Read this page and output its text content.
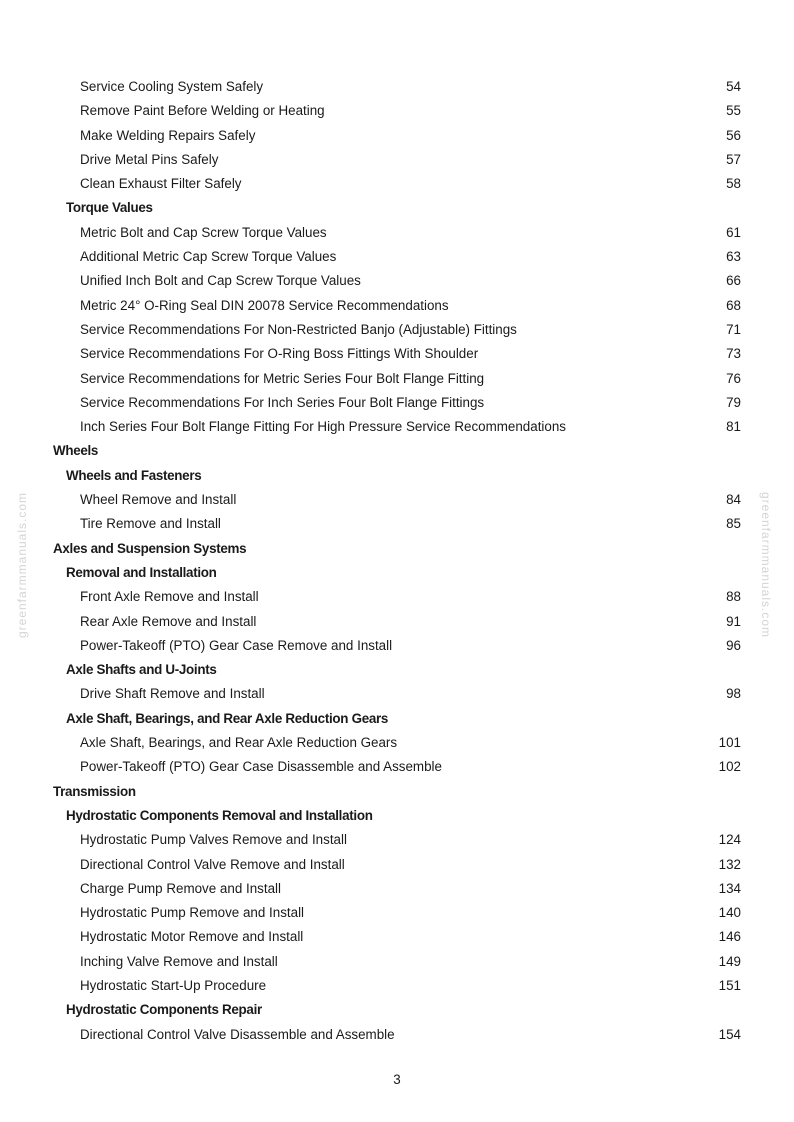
Service Cooling System Safely	54
Remove Paint Before Welding or Heating	55
Make Welding Repairs Safely	56
Drive Metal Pins Safely	57
Clean Exhaust Filter Safely	58
Torque Values
Metric Bolt and Cap Screw Torque Values	61
Additional Metric Cap Screw Torque Values	63
Unified Inch Bolt and Cap Screw Torque Values	66
Metric 24° O-Ring Seal DIN 20078 Service Recommendations	68
Service Recommendations For Non-Restricted Banjo (Adjustable) Fittings	71
Service Recommendations For O-Ring Boss Fittings With Shoulder	73
Service Recommendations for Metric Series Four Bolt Flange Fitting	76
Service Recommendations For Inch Series Four Bolt Flange Fittings	79
Inch Series Four Bolt Flange Fitting For High Pressure Service Recommendations	81
Wheels
Wheels and Fasteners
Wheel Remove and Install	84
Tire Remove and Install	85
Axles and Suspension Systems
Removal and Installation
Front Axle Remove and Install	88
Rear Axle Remove and Install	91
Power-Takeoff (PTO) Gear Case Remove and Install	96
Axle Shafts and U-Joints
Drive Shaft Remove and Install	98
Axle Shaft, Bearings, and Rear Axle Reduction Gears
Axle Shaft, Bearings, and Rear Axle Reduction Gears	101
Power-Takeoff (PTO) Gear Case Disassemble and Assemble	102
Transmission
Hydrostatic Components Removal and Installation
Hydrostatic Pump Valves Remove and Install	124
Directional Control Valve Remove and Install	132
Charge Pump Remove and Install	134
Hydrostatic Pump Remove and Install	140
Hydrostatic Motor Remove and Install	146
Inching Valve Remove and Install	149
Hydrostatic Start-Up Procedure	151
Hydrostatic Components Repair
Directional Control Valve Disassemble and Assemble	154
greenfarmmanuals.com	greenfarmmanuals.com
3
